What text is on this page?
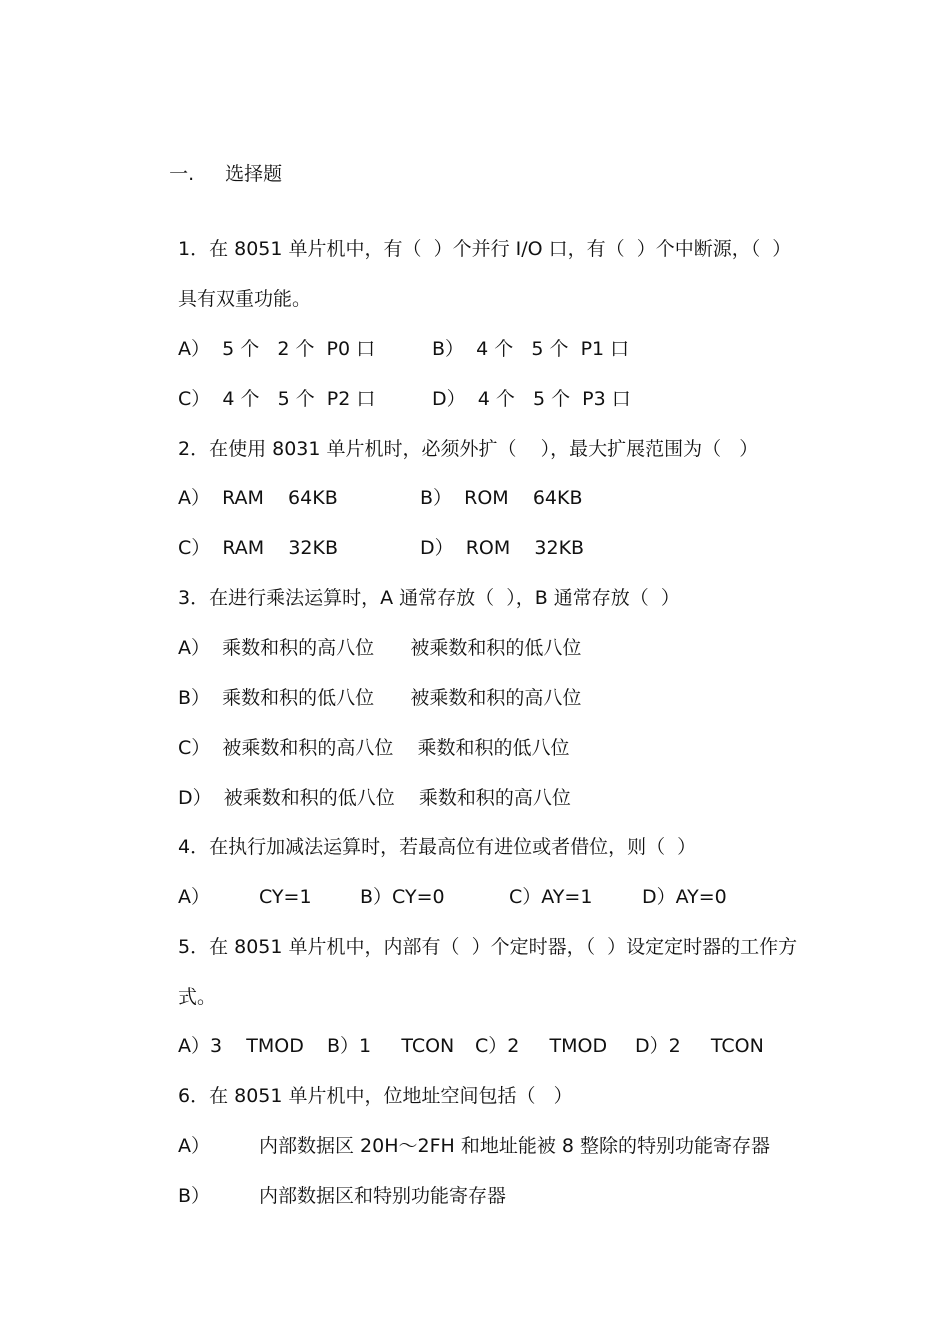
一. 选择题

1．在 8051 单片机中，有（  ）个并行 I/O 口，有（  ）个中断源，（  ）
具有双重功能。
A）  5 个   2 个  P0 口	B）  4 个   5 个  P1 口
C）  4 个   5 个  P2 口	D）  4 个   5 个  P3 口
2．在使用 8031 单片机时，必须外扩（    ），最大扩展范围为（   ）
A）  RAM    64KB	B）  ROM    64KB
C）  RAM    32KB	D）  ROM    32KB
3．在进行乘法运算时，A 通常存放（  ），B 通常存放（  ）
A）  乘数和积的高八位      被乘数和积的低八位
B）  乘数和积的低八位      被乘数和积的高八位
C）  被乘数和积的高八位    乘数和积的低八位
D）  被乘数和积的低八位    乘数和积的高八位
4．在执行加减法运算时，若最高位有进位或者借位，则（  ）
A）	CY=1	B）CY=0	C）AY=1	D）AY=0
5．在 8051 单片机中，内部有（  ）个定时器，（  ）设定定时器的工作方
式。
A）3    TMOD B）1     TCON C）2     TMOD D）2     TCON
6．在 8051 单片机中，位地址空间包括（   ）
A）	内部数据区 20H～2FH 和地址能被 8 整除的特别功能寄存器
B）	内部数据区和特别功能寄存器
